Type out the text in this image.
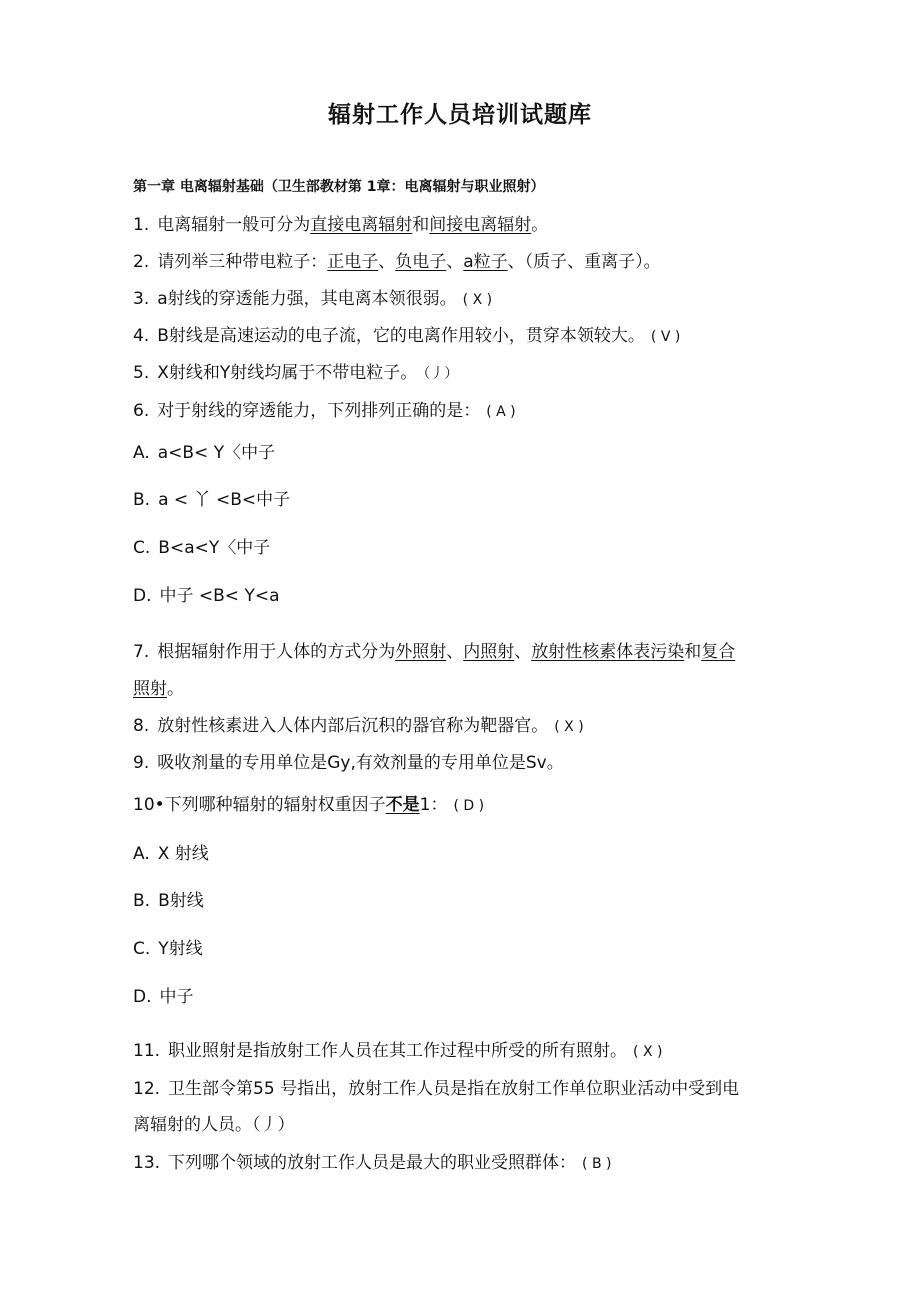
辐射工作人员培训试题库
第一章 电离辐射基础（卫生部教材第 1章：电离辐射与职业照射）
1. 电离辐射一般可分为直接电离辐射和间接电离辐射。
2. 请列举三种带电粒子：正电子、负电子、a粒子、（质子、重离子）。
3. a射线的穿透能力强，其电离本领很弱。 ( X )
4. B射线是高速运动的电子流，它的电离作用较小，贯穿本领较大。 ( V )
5. X射线和Y射线均属于不带电粒子。 （丿）
6. 对于射线的穿透能力，下列排列正确的是： ( A )
A. a<B< Y〈中子
B. a < 丫 <B<中子
C. B<a<Y〈中子
D. 中子 <B< Y<a
7. 根据辐射作用于人体的方式分为外照射、内照射、放射性核素体表污染和复合
照射。
8. 放射性核素进入人体内部后沉积的器官称为靶器官。 ( X )
9. 吸收剂量的专用单位是Gy,有效剂量的专用单位是Sv。
10•下列哪种辐射的辐射权重因子不是1： ( D )
A. X 射线
B. B射线
C. Y射线
D. 中子
11. 职业照射是指放射工作人员在其工作过程中所受的所有照射。 ( X )
12. 卫生部令第55 号指出，放射工作人员是指在放射工作单位职业活动中受到电
离辐射的人员。（丿）
13. 下列哪个领域的放射工作人员是最大的职业受照群体： ( B )
